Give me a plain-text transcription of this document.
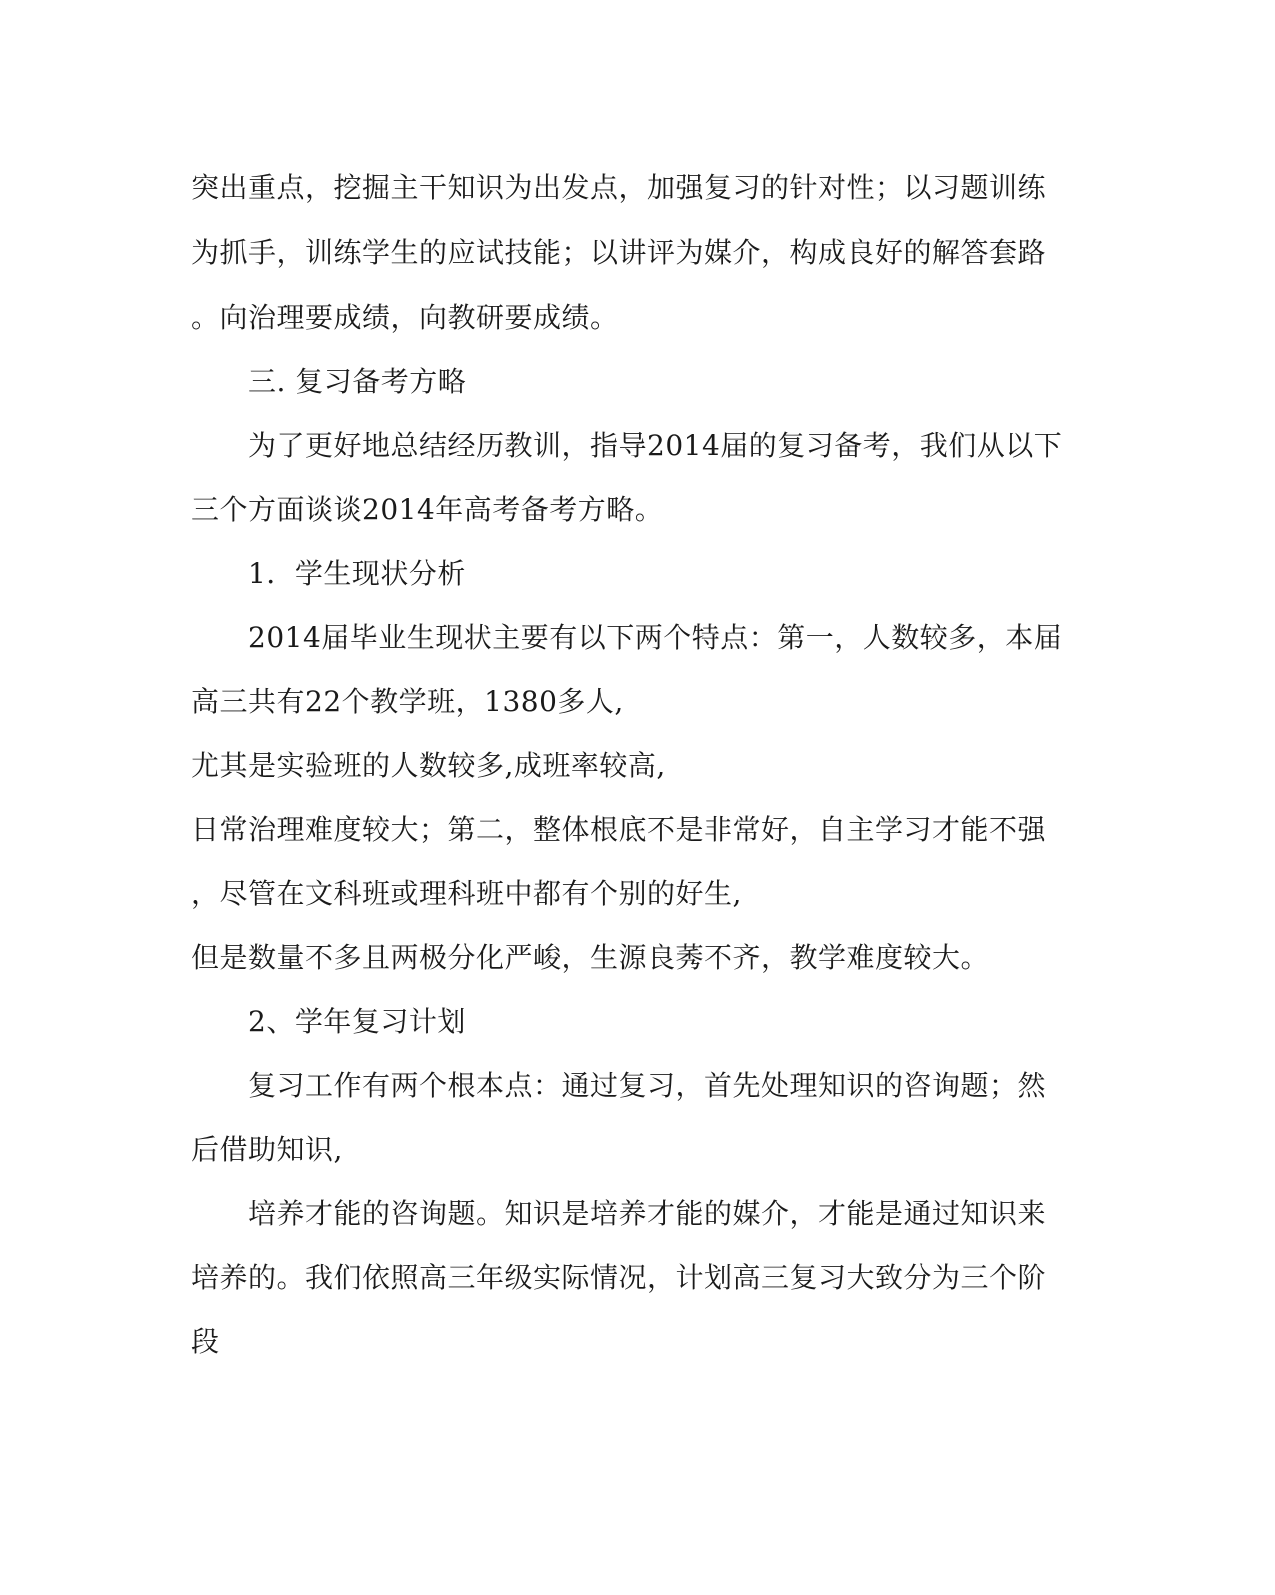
突出重点，挖掘主干知识为出发点，加强复习的针对性；以习题训练
为抓手，训练学生的应试技能；以讲评为媒介，构成良好的解答套路
。向治理要成绩，向教研要成绩。
三. 复习备考方略
为了更好地总结经历教训，指导2014届的复习备考，我们从以下
三个方面谈谈2014年高考备考方略。
1．学生现状分析
2014届毕业生现状主要有以下两个特点：第一，人数较多，本届
高三共有22个教学班，1380多人,
尤其是实验班的人数较多,成班率较高,
日常治理难度较大；第二，整体根底不是非常好，自主学习才能不强
，尽管在文科班或理科班中都有个别的好生,
但是数量不多且两极分化严峻，生源良莠不齐，教学难度较大。
2、学年复习计划
复习工作有两个根本点：通过复习，首先处理知识的咨询题；然
后借助知识,
培养才能的咨询题。知识是培养才能的媒介，才能是通过知识来
培养的。我们依照高三年级实际情况，计划高三复习大致分为三个阶
段
